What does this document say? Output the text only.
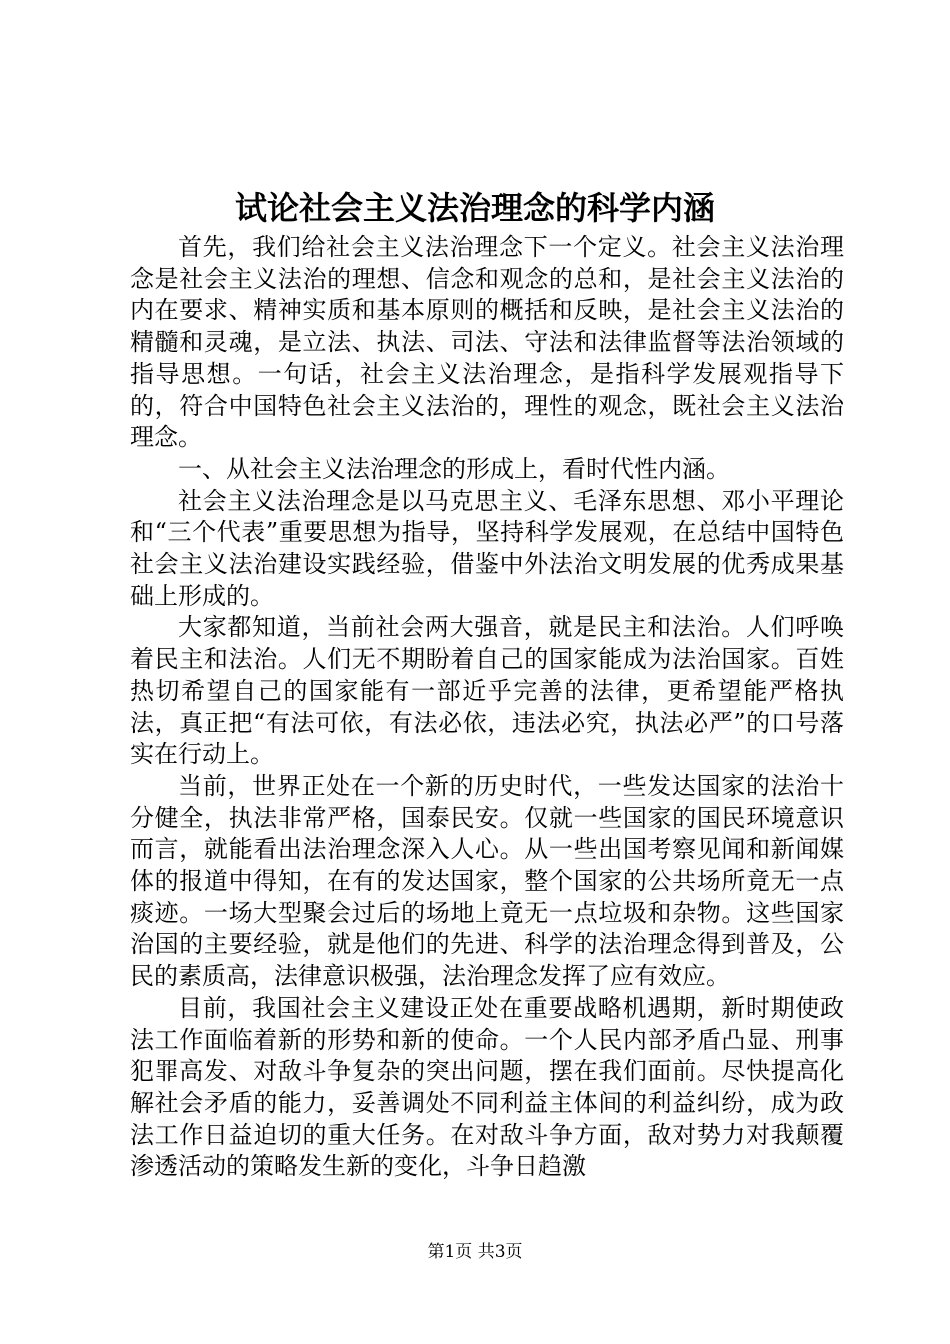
试论社会主义法治理念的科学内涵

首先，我们给社会主义法治理念下一个定义。社会主义法治理念是社会主义法治的理想、信念和观念的总和，是社会主义法治的内在要求、精神实质和基本原则的概括和反映，是社会主义法治的精髓和灵魂，是立法、执法、司法、守法和法律监督等法治领域的指导思想。一句话，社会主义法治理念，是指科学发展观指导下的，符合中国特色社会主义法治的，理性的观念，既社会主义法治理念。

一、从社会主义法治理念的形成上，看时代性内涵。

社会主义法治理念是以马克思主义、毛泽东思想、邓小平理论和“三个代表”重要思想为指导，坚持科学发展观，在总结中国特色社会主义法治建设实践经验，借鉴中外法治文明发展的优秀成果基础上形成的。

大家都知道，当前社会两大强音，就是民主和法治。人们呼唤着民主和法治。人们无不期盼着自己的国家能成为法治国家。百姓热切希望自己的国家能有一部近乎完善的法律，更希望能严格执法，真正把“有法可依，有法必依，违法必究，执法必严”的口号落实在行动上。

当前，世界正处在一个新的历史时代，一些发达国家的法治十分健全，执法非常严格，国泰民安。仅就一些国家的国民环境意识而言，就能看出法治理念深入人心。从一些出国考察见闻和新闻媒体的报道中得知，在有的发达国家，整个国家的公共场所竟无一点痰迹。一场大型聚会过后的场地上竟无一点垃圾和杂物。这些国家治国的主要经验，就是他们的先进、科学的法治理念得到普及，公民的素质高，法律意识极强，法治理念发挥了应有效应。

目前，我国社会主义建设正处在重要战略机遇期，新时期使政法工作面临着新的形势和新的使命。一个人民内部矛盾凸显、刑事犯罪高发、对敌斗争复杂的突出问题，摆在我们面前。尽快提高化解社会矛盾的能力，妥善调处不同利益主体间的利益纠纷，成为政法工作日益迫切的重大任务。在对敌斗争方面，敌对势力对我颠覆渗透活动的策略发生新的变化，斗争日趋激

第1页 共3页
